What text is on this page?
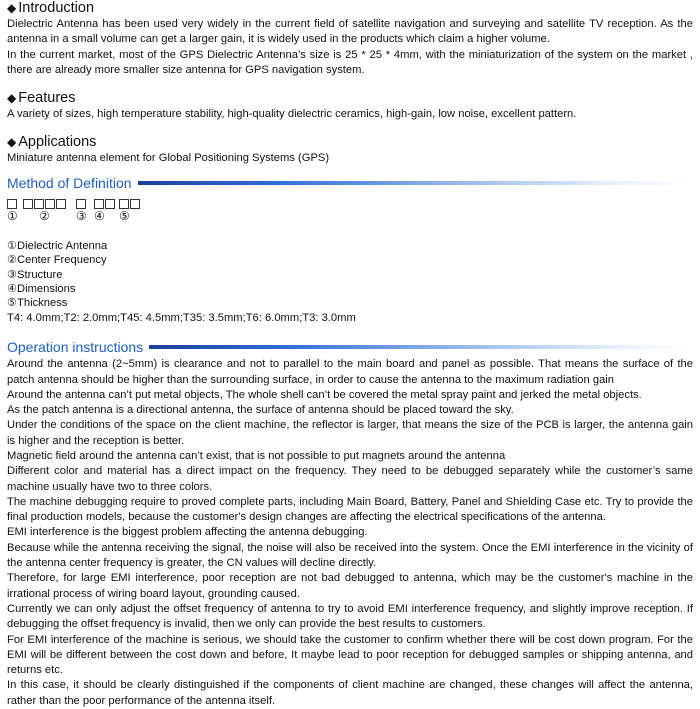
◆ Introduction

Dielectric Antenna has been used very widely in the current field of satellite navigation and surveying and satellite TV reception. As the antenna in a small volume can get a larger gain, it is widely used in the products which claim a higher volume.

In the current market, most of the GPS Dielectric Antenna’s size is 25 * 25 * 4mm, with the miniaturization of the system on the market , there are already more smaller size antenna for GPS navigation system.

◆ Features

A variety of sizes, high temperature stability, high-quality dielectric ceramics, high-gain, low noise, excellent pattern.

◆ Applications

Miniature antenna element for Global Positioning Systems (GPS)

Method of Definition
①	②	③ ④	⑤

①Dielectric Antenna

②Center Frequency

③Structure

④Dimensions

⑤Thickness

T4: 4.0mm;T2: 2.0mm;T45: 4.5mm;T35: 3.5mm;T6: 6.0mm;T3: 3.0mm

Operation instructions

Around the antenna (2~5mm) is clearance and not to parallel to the main board and panel as possible. That means the surface of the patch antenna should be higher than the surrounding surface, in order to cause the antenna to the maximum radiation gain

Around the antenna can’t put metal objects, The whole shell can’t be covered the metal spray paint and jerked the metal objects.

As the patch antenna is a directional antenna, the surface of antenna should be placed toward the sky.

Under the conditions of the space on the client machine, the reflector is larger, that means the size of the PCB is larger, the antenna gain is higher and the reception is better.

Magnetic field around the antenna can’t exist, that is not possible to put magnets around the antenna

Different color and material has a direct impact on the frequency. They need to be debugged separately while the customer’s same machine usually have two to three colors.

The machine debugging require to proved complete parts, including Main Board, Battery, Panel and Shielding Case etc. Try to provide the final production models, because the customer's design changes are affecting the electrical specifications of the antenna.

EMI interference is the biggest problem affecting the antenna debugging.

Because while the antenna receiving the signal, the noise will also be received into the system. Once the EMI interference in the vicinity of the antenna center frequency is greater, the CN values will decline directly.

Therefore, for large EMI interference, poor reception are not bad debugged to antenna, which may be the customer's machine in the irrational process of wiring board layout, grounding caused.

Currently we can only adjust the offset frequency of antenna to try to avoid EMI interference frequency, and slightly improve reception. If debugging the offset frequency is invalid, then we only can provide the best results to customers.

For EMI interference of the machine is serious, we should take the customer to confirm whether there will be cost down program. For the EMI will be different between the cost down and before, It maybe lead to poor reception for debugged samples or shipping antenna, and returns etc.

In this case, it should be clearly distinguished if the components of client machine are changed, these changes will affect the antenna, rather than the poor performance of the antenna itself.
